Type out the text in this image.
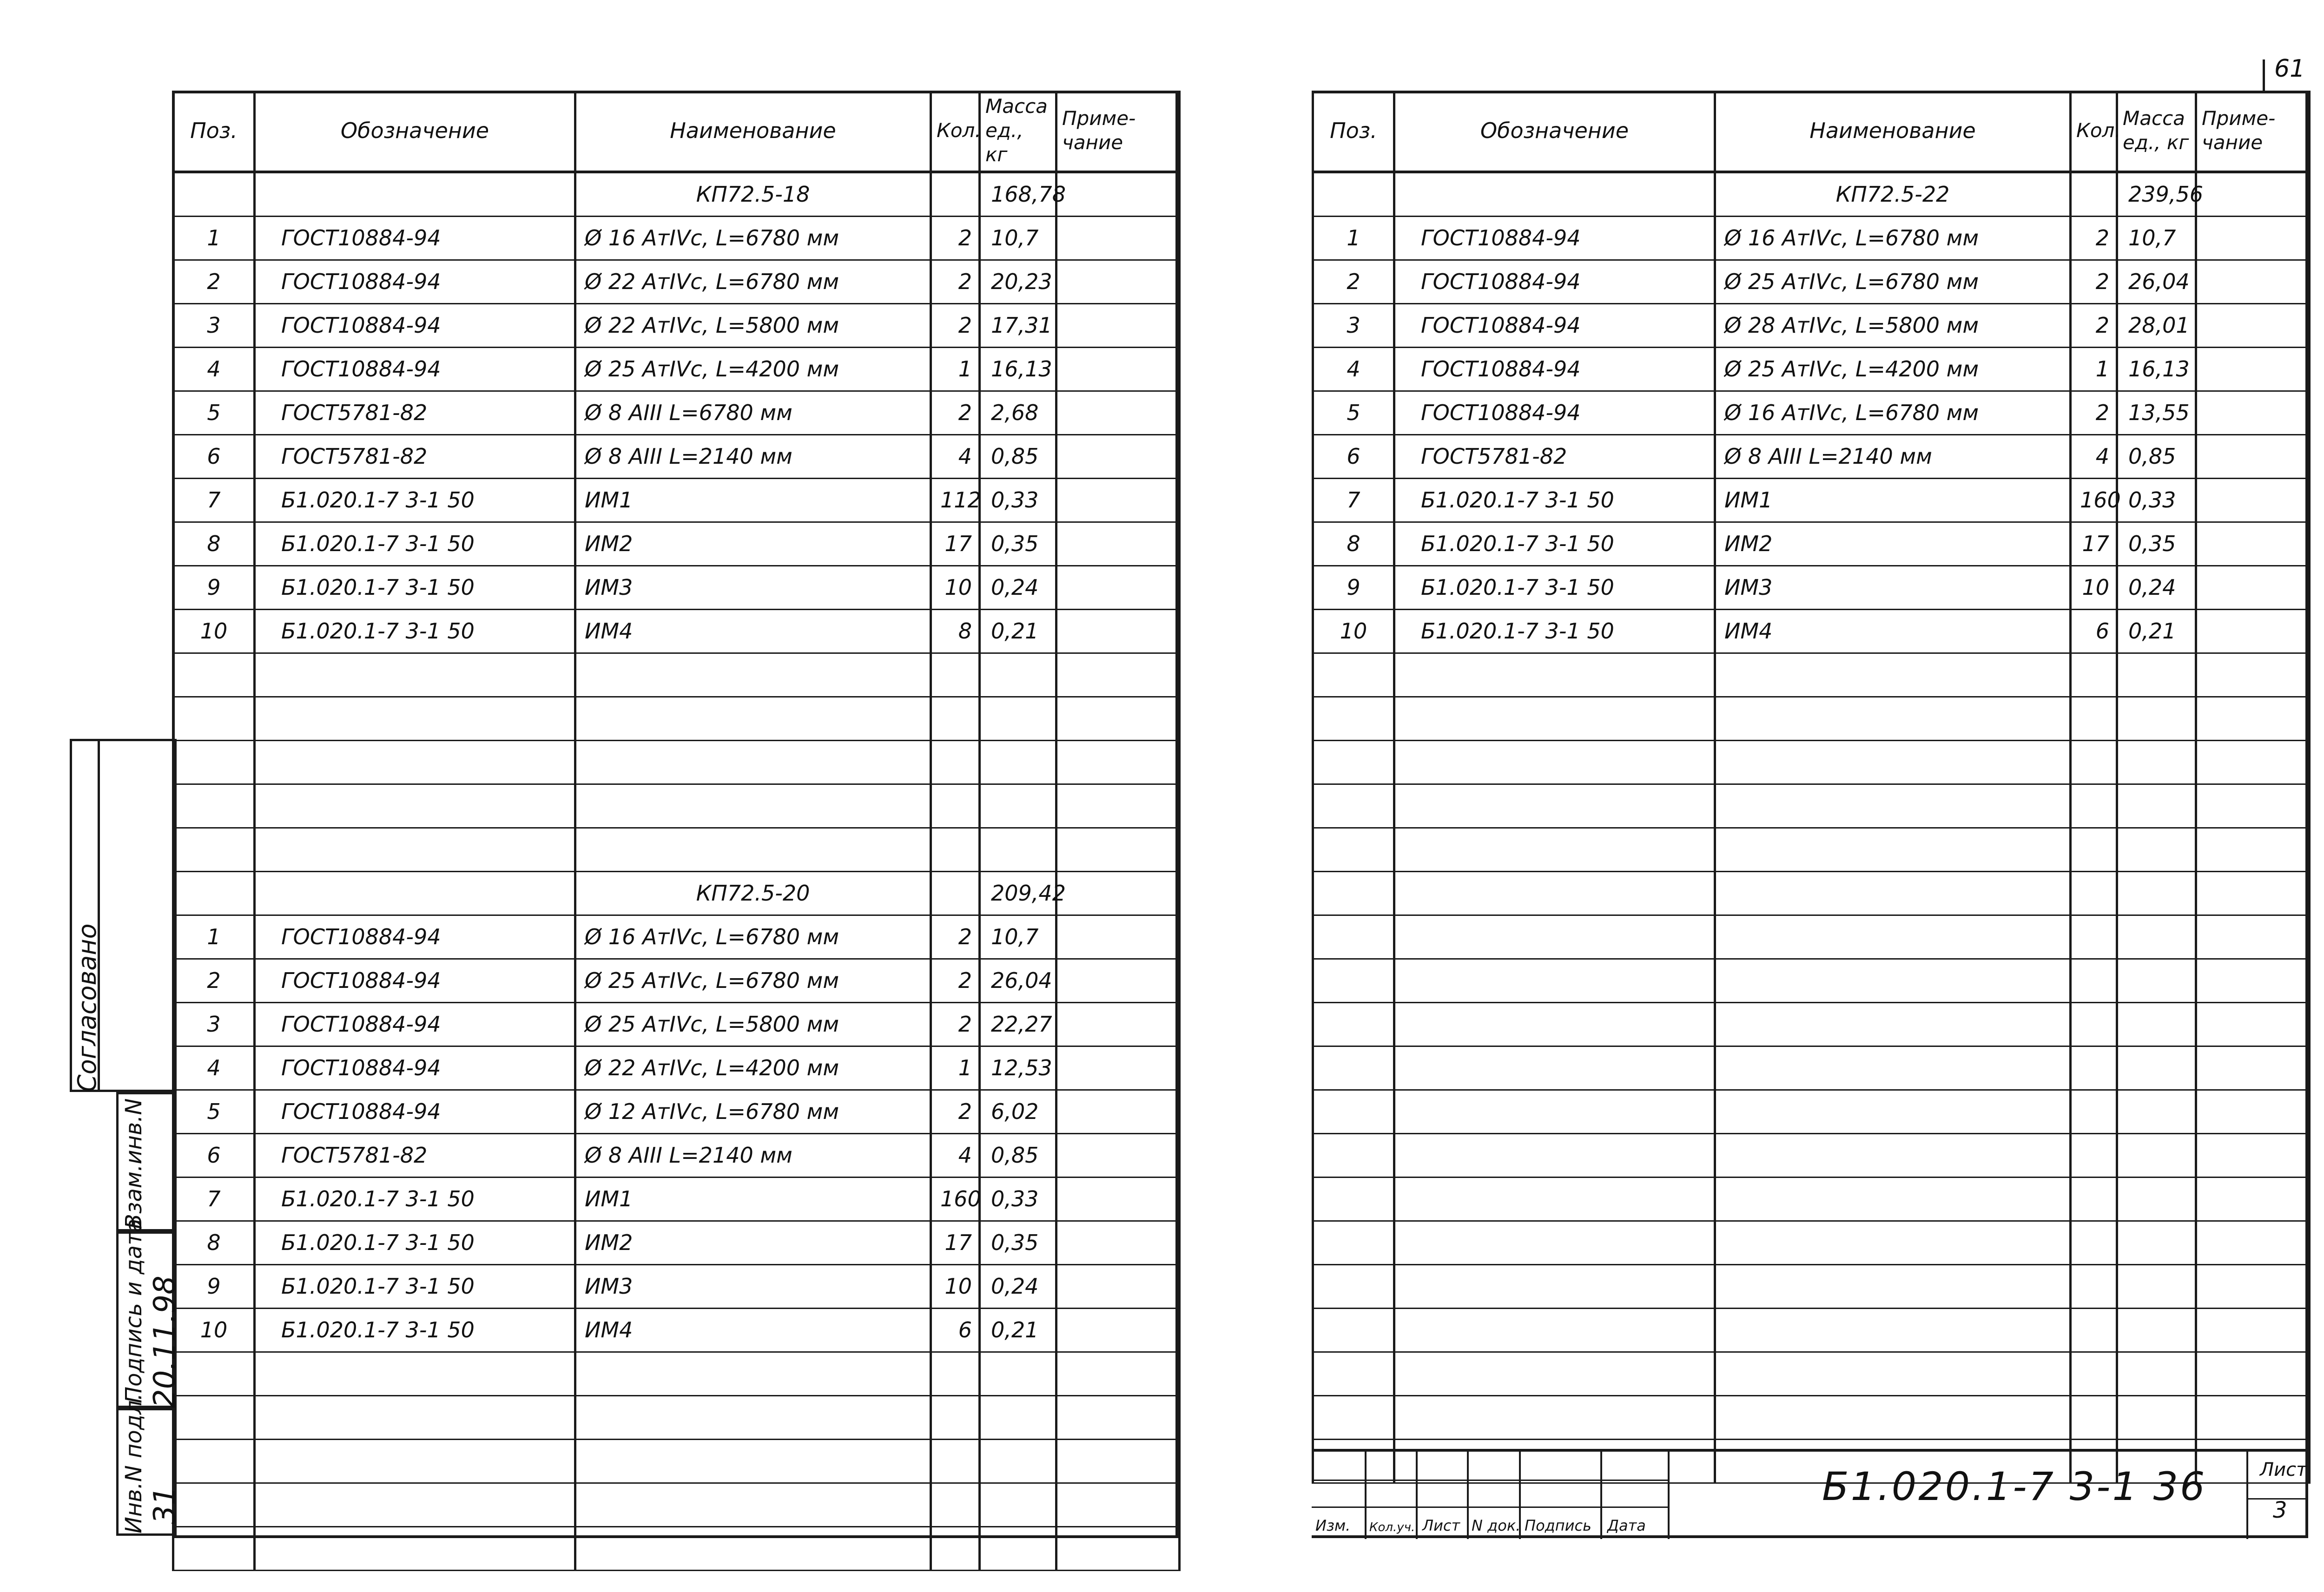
61
Поз.	Обозначение	Наименование	Кол.	Масса ед., кг	Приме- чание
		КП72.5-18		168,78	
1	ГОСТ10884-94	Ø 16 AтIVc, L=6780 мм	2	10,7	
2	ГОСТ10884-94	Ø 22 AтIVc, L=6780 мм	2	20,23	
3	ГОСТ10884-94	Ø 22 AтIVc, L=5800 мм	2	17,31	
4	ГОСТ10884-94	Ø 25 AтIVc, L=4200 мм	1	16,13	
5	ГОСТ5781-82	Ø 8 AIII L=6780 мм	2	2,68	
6	ГОСТ5781-82	Ø 8 AIII L=2140 мм	4	0,85	
7	Б1.020.1-7 3-1 50	ИМ1	112	0,33	
8	Б1.020.1-7 3-1 50	ИМ2	17	0,35	
9	Б1.020.1-7 3-1 50	ИМ3	10	0,24	
10	Б1.020.1-7 3-1 50	ИМ4	8	0,21	

		КП72.5-20		209,42	
1	ГОСТ10884-94	Ø 16 AтIVc, L=6780 мм	2	10,7	
2	ГОСТ10884-94	Ø 25 AтIVc, L=6780 мм	2	26,04	
3	ГОСТ10884-94	Ø 25 AтIVc, L=5800 мм	2	22,27	
4	ГОСТ10884-94	Ø 22 AтIVc, L=4200 мм	1	12,53	
5	ГОСТ10884-94	Ø 12 AтIVc, L=6780 мм	2	6,02	
6	ГОСТ5781-82	Ø 8 AIII L=2140 мм	4	0,85	
7	Б1.020.1-7 3-1 50	ИМ1	160	0,33	
8	Б1.020.1-7 3-1 50	ИМ2	17	0,35	
9	Б1.020.1-7 3-1 50	ИМ3	10	0,24	
10	Б1.020.1-7 3-1 50	ИМ4	6	0,21	

Поз.	Обозначение	Наименование	Кол.	Масса ед., кг	Приме- чание
		КП72.5-22		239,56	
1	ГОСТ10884-94	Ø 16 AтIVc, L=6780 мм	2	10,7	
2	ГОСТ10884-94	Ø 25 AтIVc, L=6780 мм	2	26,04	
3	ГОСТ10884-94	Ø 28 AтIVc, L=5800 мм	2	28,01	
4	ГОСТ10884-94	Ø 25 AтIVc, L=4200 мм	1	16,13	
5	ГОСТ10884-94	Ø 16 AтIVc, L=6780 мм	2	13,55	
6	ГОСТ5781-82	Ø 8 AIII L=2140 мм	4	0,85	
7	Б1.020.1-7 3-1 50	ИМ1	160	0,33	
8	Б1.020.1-7 3-1 50	ИМ2	17	0,35	
9	Б1.020.1-7 3-1 50	ИМ3	10	0,24	
10	Б1.020.1-7 3-1 50	ИМ4	6	0,21	

Согласовано
Взам.инв.N
Подпись и дата
Инв.N подл.
20.11.98
31
Изм. Кол.уч. Лист N док. Подпись Дата
Б1.020.1-7 3-1 36	Лист
3
